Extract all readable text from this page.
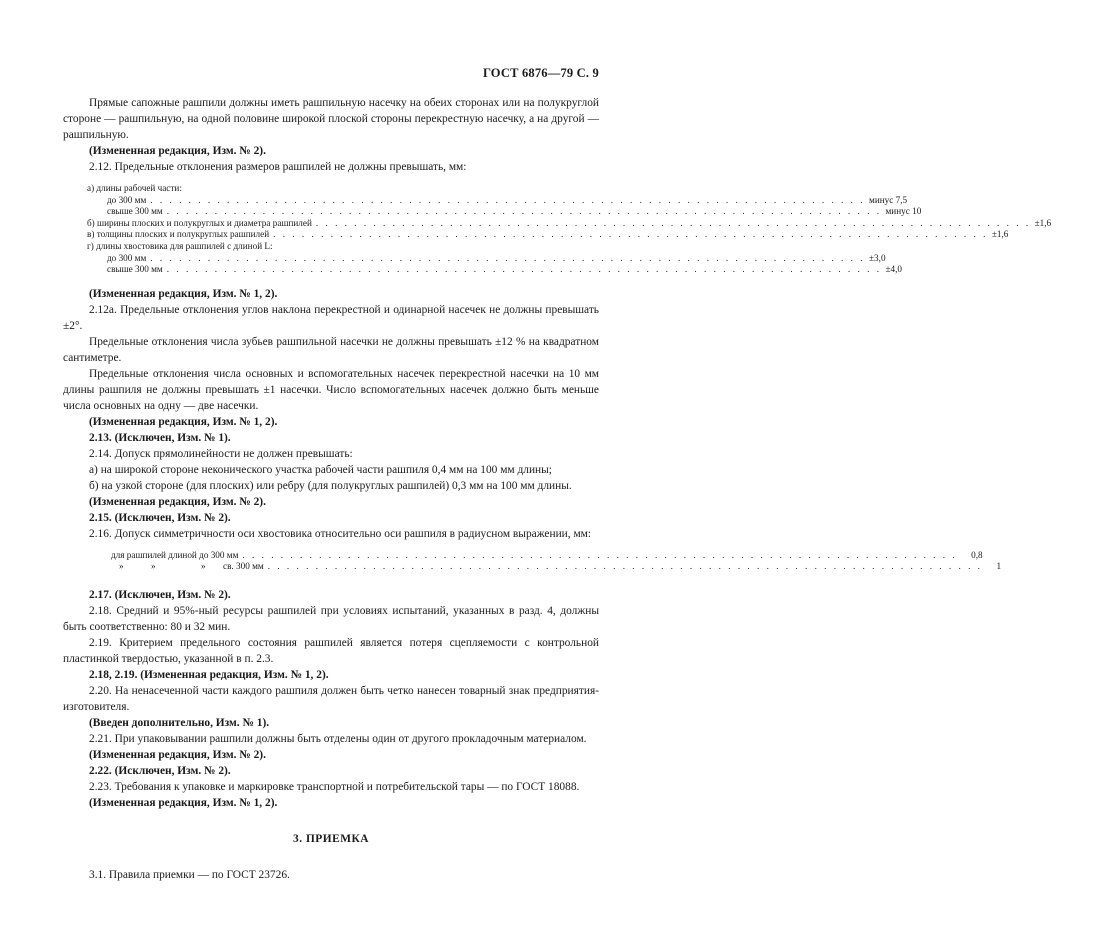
ГОСТ 6876—79 С. 9

Прямые сапожные рашпили должны иметь рашпильную насечку на обеих сторонах или на полукруглой стороне — рашпильную, на одной половине широкой плоской стороны перекрестную насечку, а на другой — рашпильную.

(Измененная редакция, Изм. № 2).

2.12. Предельные отклонения размеров рашпилей не должны превышать, мм:

а) длины рабочей части:
до 300 мм . . . . . . . . . . . . . . . . . . . . . . . . . . . . . . . . . . . . . . . . . . . . . . . . . . . . . . . . . . . . . . . . . . . . . . . . . . . минус 7,5
свыше 300 мм . . . . . . . . . . . . . . . . . . . . . . . . . . . . . . . . . . . . . . . . . . . . . . . . . . . . . . . . . . . . . . . . . . . . . . . . . . . минус 10
б) ширины плоских и полукруглых и диаметра рашпилей . . . . . . . . . . . . . . . . . . . . . . . . . . . . . . . . . . . . . . . . . . . . . . . . . . . . . . . . . . . . . . . . . . . . . . . . . . . ±1,6
в) толщины плоских и полукруглых рашпилей . . . . . . . . . . . . . . . . . . . . . . . . . . . . . . . . . . . . . . . . . . . . . . . . . . . . . . . . . . . . . . . . . . . . . . . . . . . ±1,6
г) длины хвостовика для рашпилей с длиной L:
до 300 мм . . . . . . . . . . . . . . . . . . . . . . . . . . . . . . . . . . . . . . . . . . . . . . . . . . . . . . . . . . . . . . . . . . . . . . . . . . . ±3,0
свыше 300 мм . . . . . . . . . . . . . . . . . . . . . . . . . . . . . . . . . . . . . . . . . . . . . . . . . . . . . . . . . . . . . . . . . . . . . . . . . . . ±4,0

(Измененная редакция, Изм. № 1, 2).

2.12а. Предельные отклонения углов наклона перекрестной и одинарной насечек не должны превышать ±2°.

Предельные отклонения числа зубьев рашпильной насечки не должны превышать ±12 % на квадратном сантиметре.

Предельные отклонения числа основных и вспомогательных насечек перекрестной насечки на 10 мм длины рашпиля не должны превышать ±1 насечки. Число вспомогательных насечек должно быть меньше числа основных на одну — две насечки.

(Измененная редакция, Изм. № 1, 2).

2.13. (Исключен, Изм. № 1).

2.14. Допуск прямолинейности не должен превышать:

а) на широкой стороне неконического участка рабочей части рашпиля 0,4 мм на 100 мм длины;

б) на узкой стороне (для плоских) или ребру (для полукруглых рашпилей) 0,3 мм на 100 мм длины.

(Измененная редакция, Изм. № 2).

2.15. (Исключен, Изм. № 2).

2.16. Допуск симметричности оси хвостовика относительно оси рашпиля в радиусном выражении, мм:

для рашпилей длиной до 300 мм . . . . . . . . . . . . . . . . . . . . . . . . . . . . . . . . . . . . . . . . . . . . . . . . . . . . . . . . . . . . . . . . . . . . . . . . . . .	0,8
»	»	»	св. 300 мм . . . . . . . . . . . . . . . . . . . . . . . . . . . . . . . . . . . . . . . . . . . . . . . . . . . . . . . . . . . . . . . . . . . . . . . . . . .	1

2.17. (Исключен, Изм. № 2).

2.18. Средний и 95%-ный ресурсы рашпилей при условиях испытаний, указанных в разд. 4, должны быть соответственно: 80 и 32 мин.

2.19. Критерием предельного состояния рашпилей является потеря сцепляемости с контрольной пластинкой твердостью, указанной в п. 2.3.

2.18, 2.19. (Измененная редакция, Изм. № 1, 2).

2.20. На ненасеченной части каждого рашпиля должен быть четко нанесен товарный знак предприятия-изготовителя.

(Введен дополнительно, Изм. № 1).

2.21. При упаковывании рашпили должны быть отделены один от другого прокладочным материалом.

(Измененная редакция, Изм. № 2).

2.22. (Исключен, Изм. № 2).

2.23. Требования к упаковке и маркировке транспортной и потребительской тары — по ГОСТ 18088.

(Измененная редакция, Изм. № 1, 2).

3. ПРИЕМКА

3.1. Правила приемки — по ГОСТ 23726.
